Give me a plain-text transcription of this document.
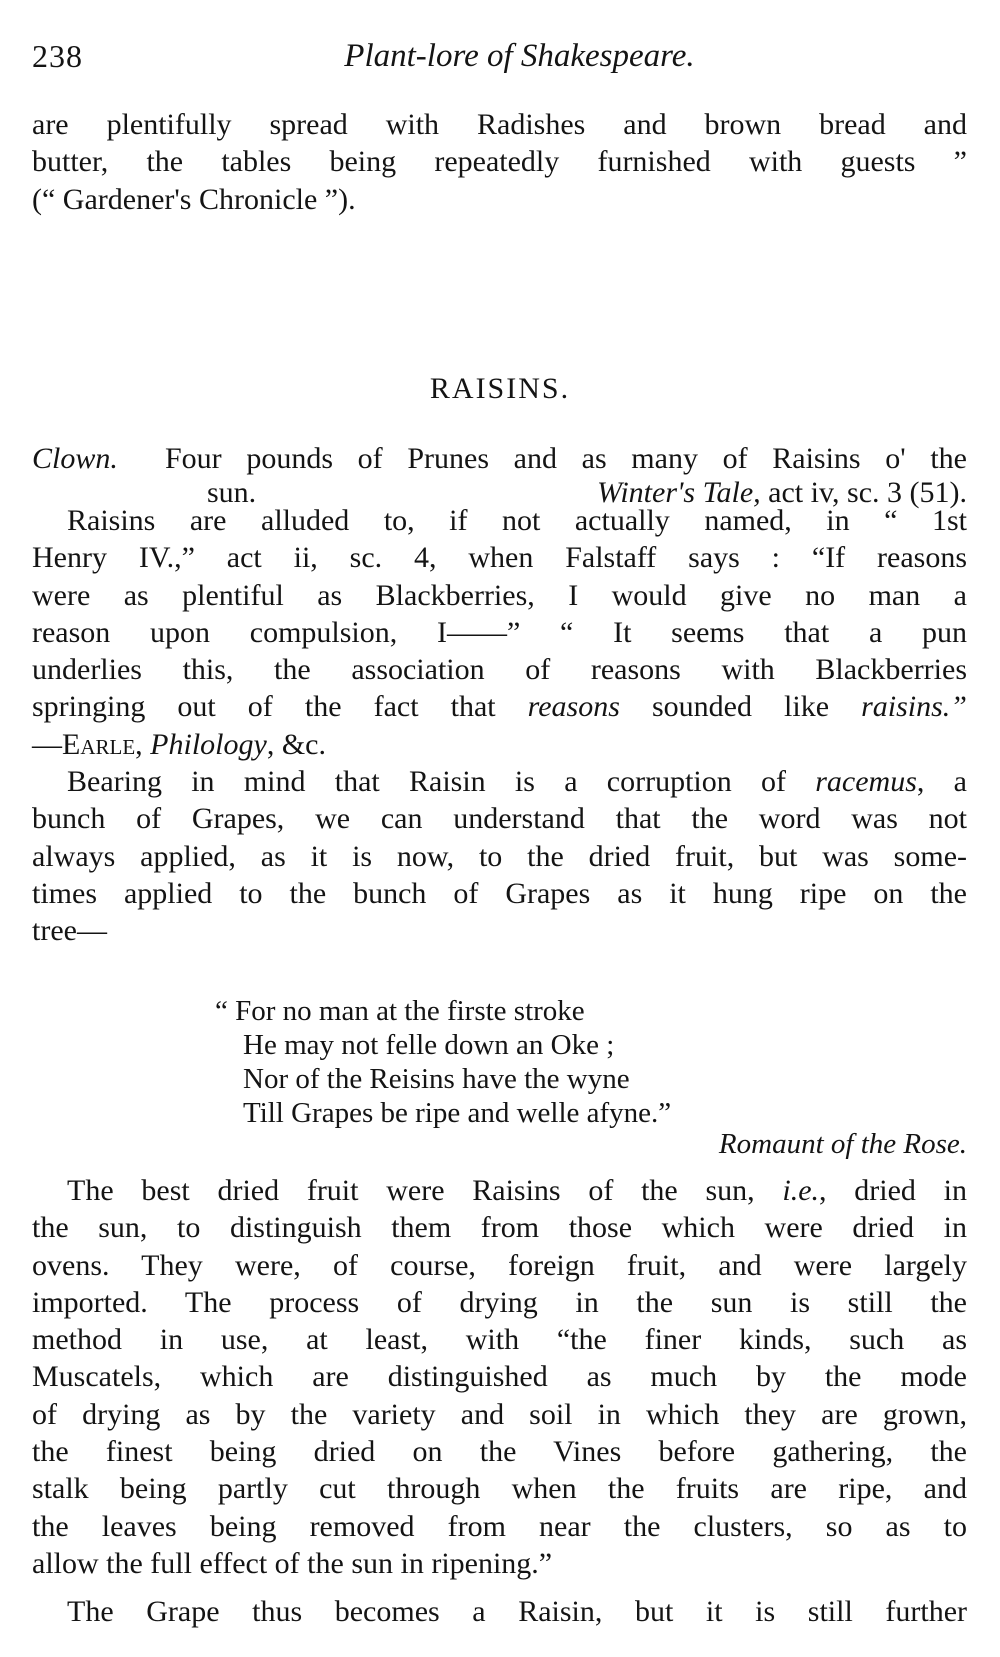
238	Plant-lore of Shakespeare.
are plentifully spread with Radishes and brown bread and
butter, the tables being repeatedly furnished with guests ”
(“ Gardener's Chronicle ”).
RAISINS.
Clown. Four pounds of Prunes and as many of Raisins o' the
sun.	Winter's Tale, act iv, sc. 3 (51).
Raisins are alluded to, if not actually named, in “ 1st
Henry IV.,” act ii, sc. 4, when Falstaff says : “If reasons
were as plentiful as Blackberries, I would give no man a
reason upon compulsion, I——” “ It seems that a pun
underlies this, the association of reasons with Blackberries
springing out of the fact that reasons sounded like raisins.”
—Earle, Philology, &c.
Bearing in mind that Raisin is a corruption of racemus, a
bunch of Grapes, we can understand that the word was not
always applied, as it is now, to the dried fruit, but was some-
times applied to the bunch of Grapes as it hung ripe on the
tree—
“ For no man at the firste stroke
He may not felle down an Oke ;
Nor of the Reisins have the wyne
Till Grapes be ripe and welle afyne.”
Romaunt of the Rose.
The best dried fruit were Raisins of the sun, i.e., dried in
the sun, to distinguish them from those which were dried in
ovens. They were, of course, foreign fruit, and were largely
imported. The process of drying in the sun is still the
method in use, at least, with “the finer kinds, such as
Muscatels, which are distinguished as much by the mode
of drying as by the variety and soil in which they are grown,
the finest being dried on the Vines before gathering, the
stalk being partly cut through when the fruits are ripe, and
the leaves being removed from near the clusters, so as to
allow the full effect of the sun in ripening.”
The Grape thus becomes a Raisin, but it is still further
